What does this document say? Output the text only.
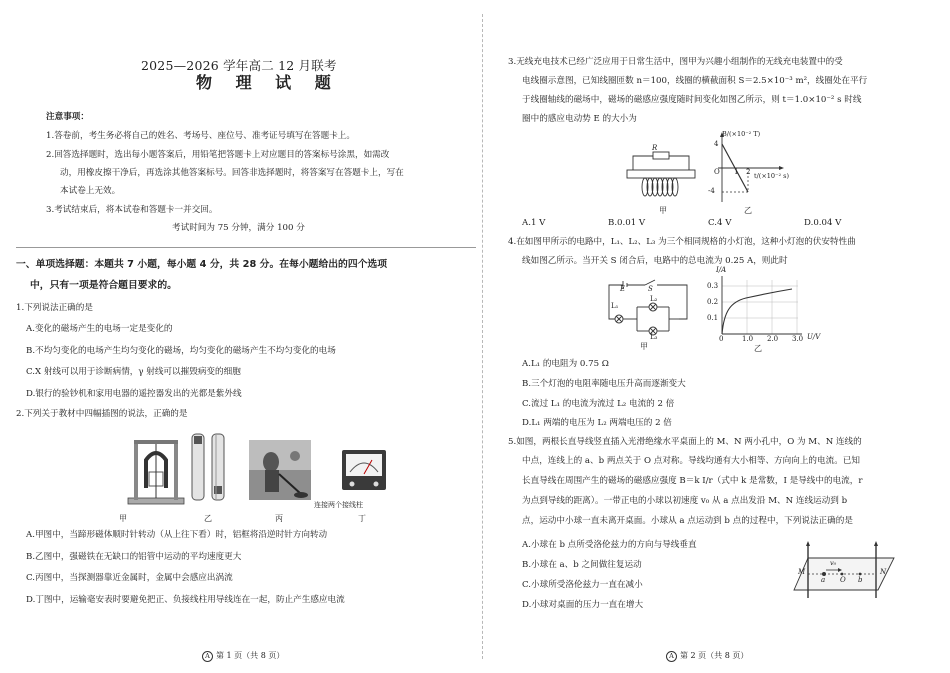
2025—2026 学年高二 12 月联考
物 理 试 题
注意事项：
1.答卷前，考生务必将自己的姓名、考场号、座位号、准考证号填写在答题卡上。
2.回答选择题时，选出每小题答案后，用铅笔把答题卡上对应题目的答案标号涂黑，如需改
动，用橡皮擦干净后，再选涂其他答案标号。回答非选择题时，将答案写在答题卡上，写在
本试卷上无效。
3.考试结束后，将本试卷和答题卡一并交回。
考试时间为 75 分钟，满分 100 分
一、单项选择题：本题共 7 小题，每小题 4 分，共 28 分。在每小题给出的四个选项
中，只有一项是符合题目要求的。
1.下列说法正确的是
A.变化的磁场产生的电场一定是变化的
B.不均匀变化的电场产生均匀变化的磁场，均匀变化的磁场产生不均匀变化的电场
C.X 射线可以用于诊断病情，γ 射线可以摧毁病变的细胞
D.银行的验钞机和家用电器的遥控器发出的光都是紫外线
2.下列关于教材中四幅插图的说法，正确的是
甲	乙	丙
连接两个接线柱
丁
A.甲图中，当蹄形磁体顺时针转动（从上往下看）时，铝框将沿逆时针方向转动
B.乙图中，强磁铁在无缺口的铝管中运动的平均速度更大
C.丙图中，当探测器靠近金属时，金属中会感应出涡流
D.丁图中，运输毫安表时要避免把正、负接线柱用导线连在一起，防止产生感应电流
A 第 1 页（共 8 页）
3.无线充电技术已经广泛应用于日常生活中，图甲为兴趣小组制作的无线充电装置中的受
电线圈示意图，已知线圈匝数 n＝100，线圈的横截面积 S＝2.5×10⁻³ m²，线圈处在平行
于线圈轴线的磁场中，磁场的磁感应强度随时间变化如图乙所示，则 t＝1.0×10⁻² s 时线
圈中的感应电动势 E 的大小为
R
甲
B/(×10⁻² T)
t/(×10⁻² s)
4
-4
O 1 2
乙
A.1 V	B.0.01 V	C.4 V	D.0.04 V
4.在如图甲所示的电路中，L₁、L₂、L₃ 为三个相同规格的小灯泡，这种小灯泡的伏安特性曲
线如图乙所示。当开关 S 闭合后，电路中的总电流为 0.25 A，则此时
E	S
L₁
L₂
L₃
甲
I/A
0.3
0.2
0.1
0	1.0 2.0 3.0 U/V
乙
A.L₁ 的电阻为 0.75 Ω
B.三个灯泡的电阻率随电压升高而逐渐变大
C.流过 L₁ 的电流为流过 L₂ 电流的 2 倍
D.L₁ 两端的电压为 L₂ 两端电压的 2 倍
5.如图，两根长直导线竖直插入光滑绝缘水平桌面上的 M、N 两小孔中，O 为 M、N 连线的
中点，连线上的 a、b 两点关于 O 点对称。导线均通有大小相等、方向向上的电流。已知
长直导线在周围产生的磁场的磁感应强度 B＝k I/r（式中 k 是常数，I 是导线中的电流，r
为点到导线的距离）。一带正电的小球以初速度 v₀ 从 a 点出发沿 M、N 连线运动到 b
点，运动中小球一直未离开桌面。小球从 a 点运动到 b 点的过程中，下列说法正确的是
A.小球在 b 点所受洛伦兹力的方向与导线垂直
B.小球在 a、b 之间做往复运动
C.小球所受洛伦兹力一直在减小
D.小球对桌面的压力一直在增大
M
a O b
N
v₀
A 第 2 页（共 8 页）
